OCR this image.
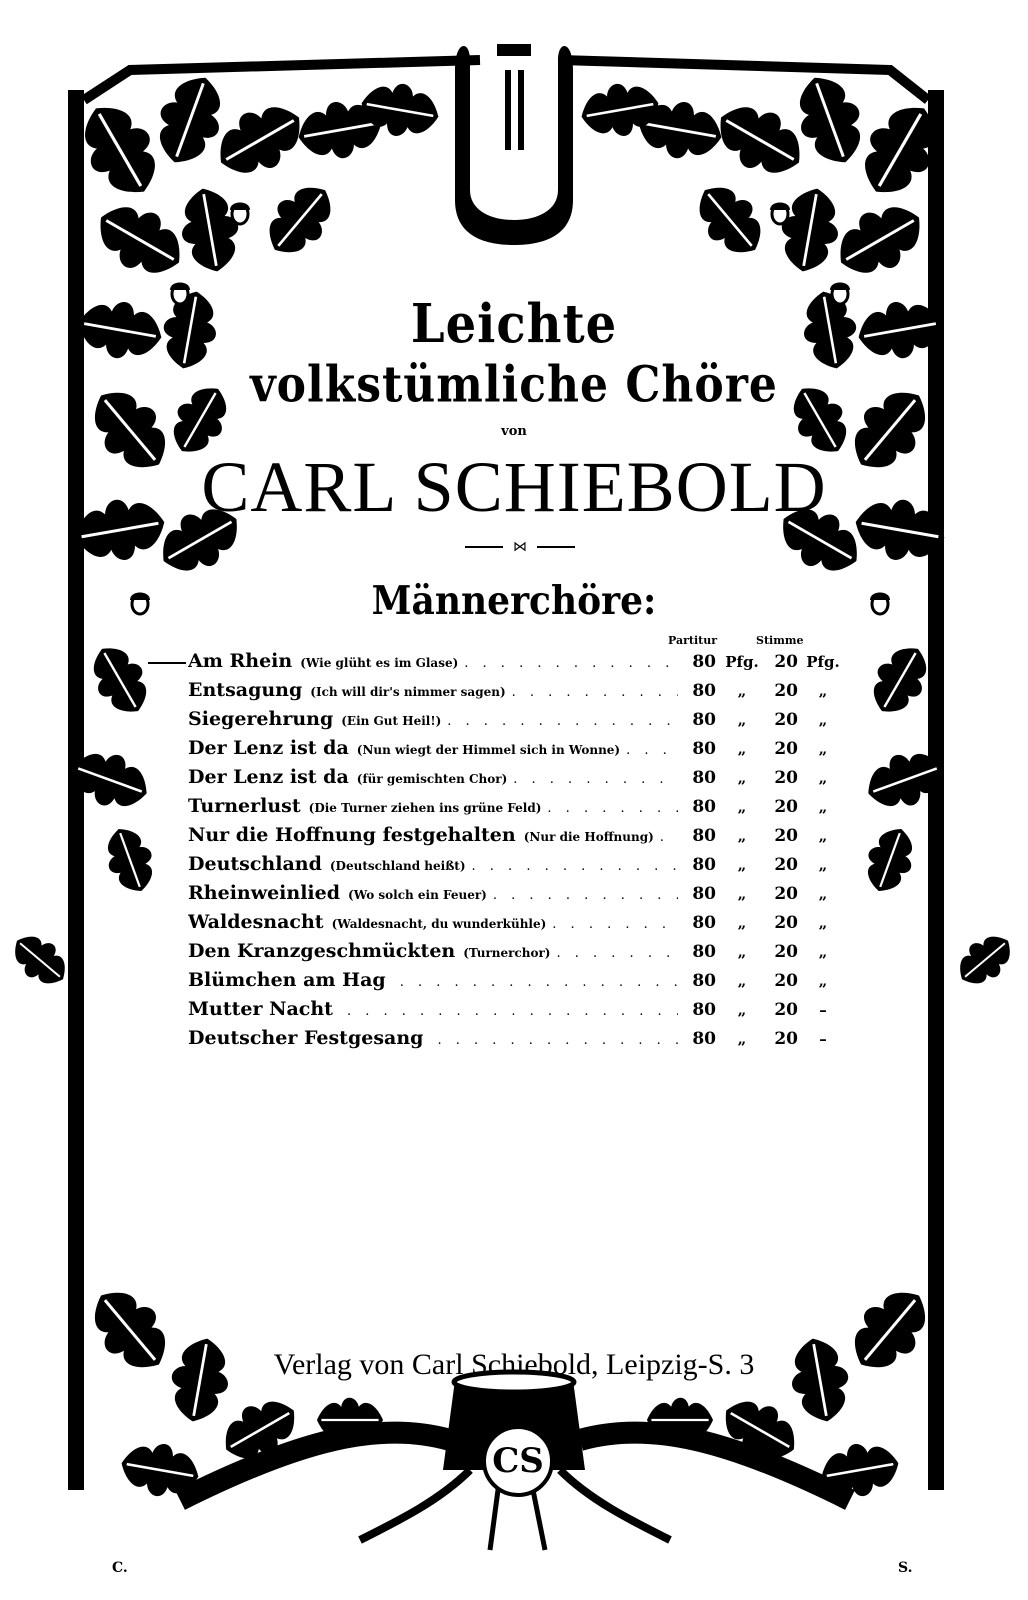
Leichte
volkstümliche Chöre
von
CARL SCHIEBOLD
⋈
Männerchöre:
Partitur	Stimme
Am Rhein (Wie glüht es im Glase) . . .	80 Pfg. 20 Pfg.
Entsagung (Ich will dir's nimmer sagen) . . .	80	„	20	„
Siegerehrung (Ein Gut Heil!) . . .	80	„	20	„
Der Lenz ist da (Nun wiegt der Himmel sich in Wonne) . . .	80	„	20	„
Der Lenz ist da (für gemischten Chor) . . .	80	„	20	„
Turnerlust (Die Turner ziehen ins grüne Feld) . . .	80	„	20	„
Nur die Hoffnung festgehalten (Nur die Hoffnung) . . .	80	„	20	„
Deutschland (Deutschland heißt) . . .	80	„	20	„
Rheinweinlied (Wo solch ein Feuer) . . .	80	„	20	„
Waldesnacht (Waldesnacht, du wunderkühle) . . .	80	„	20	„
Den Kranzgeschmückten (Turnerchor) . . .	80	„	20	„
Blümchen am Hag . . .	80	„	20	„
Mutter Nacht . . .	80	„	20	–
Deutscher Festgesang . . .	80	„	20	–
Verlag von Carl Schiebold, Leipzig-S. 3
CS
C.	S.
